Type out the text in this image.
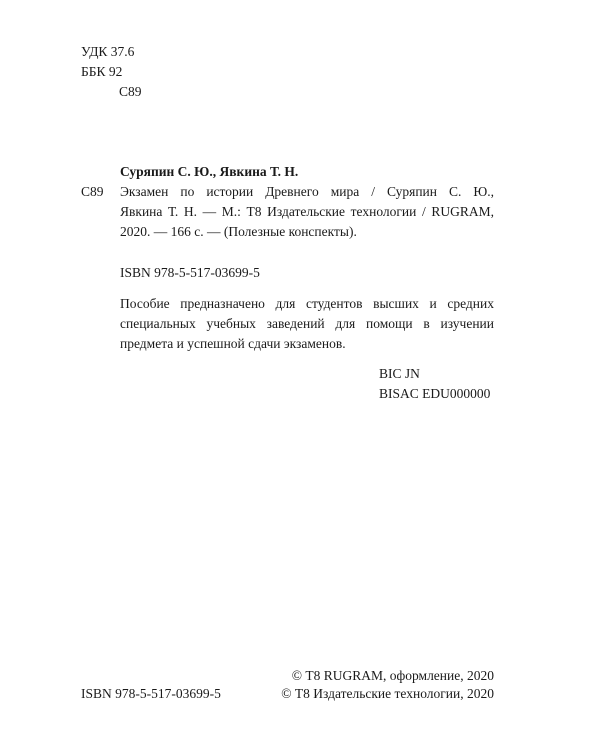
УДК 37.6
ББК 92
С89
Суряпин С. Ю., Явкина Т. Н.
С89 Экзамен по истории Древнего мира / Суряпин С. Ю.,
Явкина Т. Н. — М.: Т8 Издательские технологии / RUGRAM,
2020. — 166 с. — (Полезные конспекты).
ISBN 978-5-517-03699-5
Пособие предназначено для студентов высших и средних
специальных учебных заведений для помощи в изучении
предмета и успешной сдачи экзаменов.
BIC JN
BISAC EDU000000
ISBN 978-5-517-03699-5
© Т8 RUGRAM, оформление, 2020
© Т8 Издательские технологии, 2020
